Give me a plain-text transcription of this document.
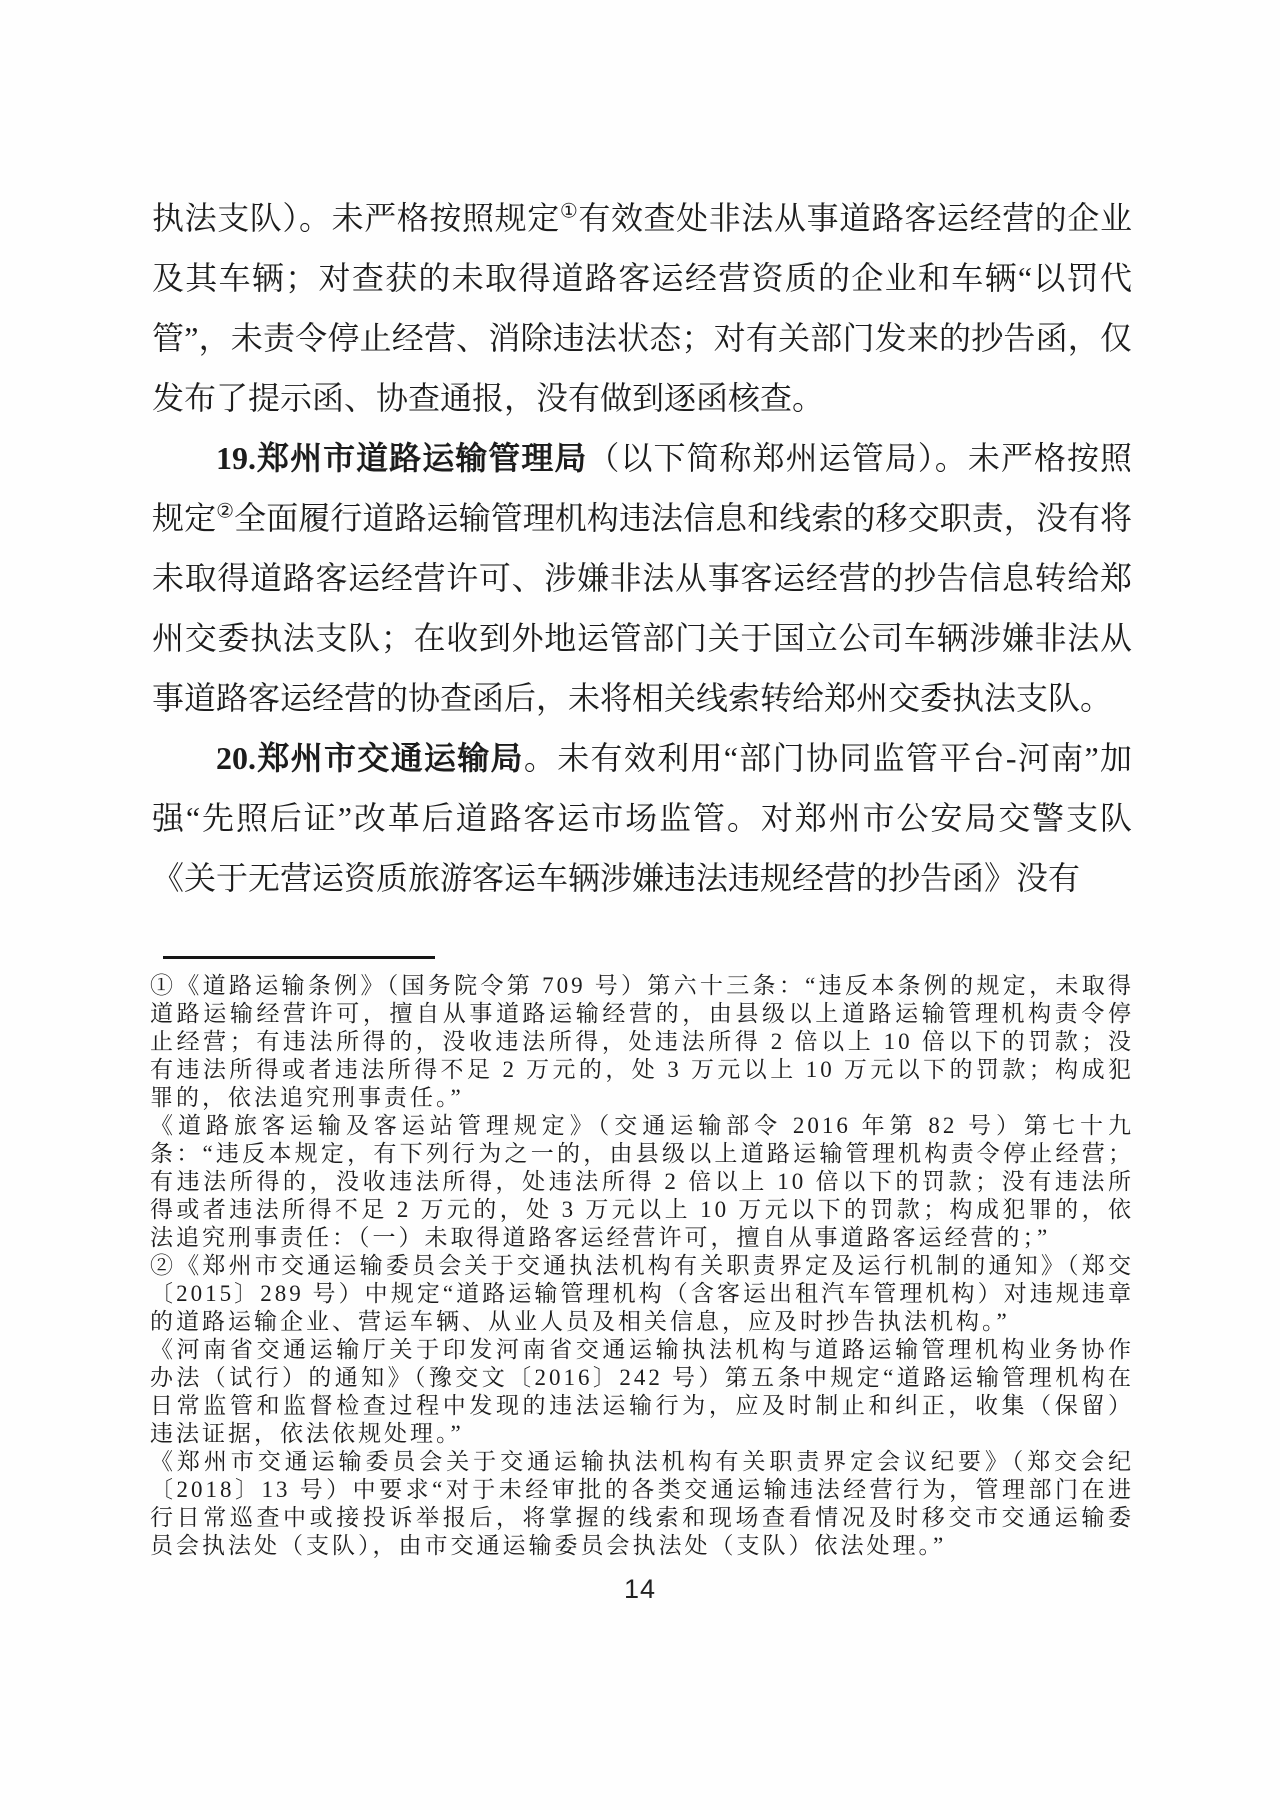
执法支队）。未严格按照规定①有效查处非法从事道路客运经营的企业及其车辆；对查获的未取得道路客运经营资质的企业和车辆“以罚代管”，未责令停止经营、消除违法状态；对有关部门发来的抄告函，仅发布了提示函、协查通报，没有做到逐函核查。

19.郑州市道路运输管理局（以下简称郑州运管局）。未严格按照规定②全面履行道路运输管理机构违法信息和线索的移交职责，没有将未取得道路客运经营许可、涉嫌非法从事客运经营的抄告信息转给郑州交委执法支队；在收到外地运管部门关于国立公司车辆涉嫌非法从事道路客运经营的协查函后，未将相关线索转给郑州交委执法支队。

20.郑州市交通运输局。未有效利用“部门协同监管平台-河南”加强“先照后证”改革后道路客运市场监管。对郑州市公安局交警支队《关于无营运资质旅游客运车辆涉嫌违法违规经营的抄告函》没有

①《道路运输条例》（国务院令第 709 号）第六十三条：“违反本条例的规定，未取得道路运输经营许可，擅自从事道路运输经营的，由县级以上道路运输管理机构责令停止经营；有违法所得的，没收违法所得，处违法所得 2 倍以上 10 倍以下的罚款；没有违法所得或者违法所得不足 2 万元的，处 3 万元以上 10 万元以下的罚款；构成犯罪的，依法追究刑事责任。”

《道路旅客运输及客运站管理规定》（交通运输部令 2016 年第 82 号）第七十九条：“违反本规定，有下列行为之一的，由县级以上道路运输管理机构责令停止经营；有违法所得的，没收违法所得，处违法所得 2 倍以上 10 倍以下的罚款；没有违法所得或者违法所得不足 2 万元的，处 3 万元以上 10 万元以下的罚款；构成犯罪的，依法追究刑事责任：（一）未取得道路客运经营许可，擅自从事道路客运经营的；”

②《郑州市交通运输委员会关于交通执法机构有关职责界定及运行机制的通知》（郑交〔2015〕289 号）中规定“道路运输管理机构（含客运出租汽车管理机构）对违规违章的道路运输企业、营运车辆、从业人员及相关信息，应及时抄告执法机构。”

《河南省交通运输厅关于印发河南省交通运输执法机构与道路运输管理机构业务协作办法（试行）的通知》（豫交文〔2016〕242 号）第五条中规定“道路运输管理机构在日常监管和监督检查过程中发现的违法运输行为，应及时制止和纠正，收集（保留）违法证据，依法依规处理。”

《郑州市交通运输委员会关于交通运输执法机构有关职责界定会议纪要》（郑交会纪〔2018〕13 号）中要求“对于未经审批的各类交通运输违法经营行为，管理部门在进行日常巡查中或接投诉举报后，将掌握的线索和现场查看情况及时移交市交通运输委员会执法处（支队），由市交通运输委员会执法处（支队）依法处理。”

14
